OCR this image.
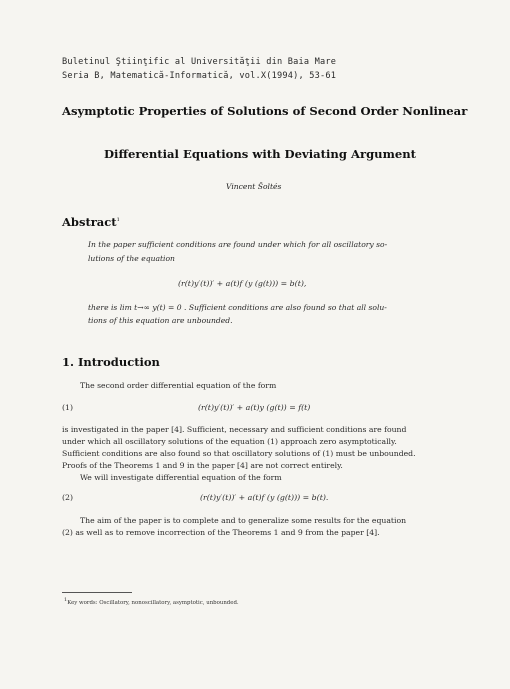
Buletinul Ştiinţific al Universităţii din Baia Mare
Seria B, Matematică-Informatică, vol.X(1994), 53-61
Asymptotic Properties of Solutions of Second Order Nonlinear
Differential Equations with Deviating Argument
Vincent Šoltés
Abstract$^1$
In the paper sufficient conditions are found under which for all oscillatory so-
lutions of the equation
(r(t)y′(t))′ + a(t)f (y (g(t))) = b(t),
there is lim t→∞ y(t) = 0 . Sufficient conditions are also found so that all solu-
tions of this equation are unbounded.
1. Introduction
The second order differential equation of the form
(1)	(r(t)y′(t))′ + a(t)y (g(t)) = f(t)
is investigated in the paper [4]. Sufficient, necessary and sufficient conditions are found
under which all oscillatory solutions of the equation (1) approach zero asymptotically.
Sufficient conditions are also found so that oscillatory solutions of (1) must be unbounded.
Proofs of the Theorems 1 and 9 in the paper [4] are not correct entirely.
We will investigate differential equation of the form
(2)	(r(t)y′(t))′ + a(t)f (y (g(t))) = b(t).
The aim of the paper is to complete and to generalize some results for the equation
(2) as well as to remove incorrection of the Theorems 1 and 9 from the paper [4].
1Key words: Oscillatory, nonoscillatory, asymptotic, unbounded.
